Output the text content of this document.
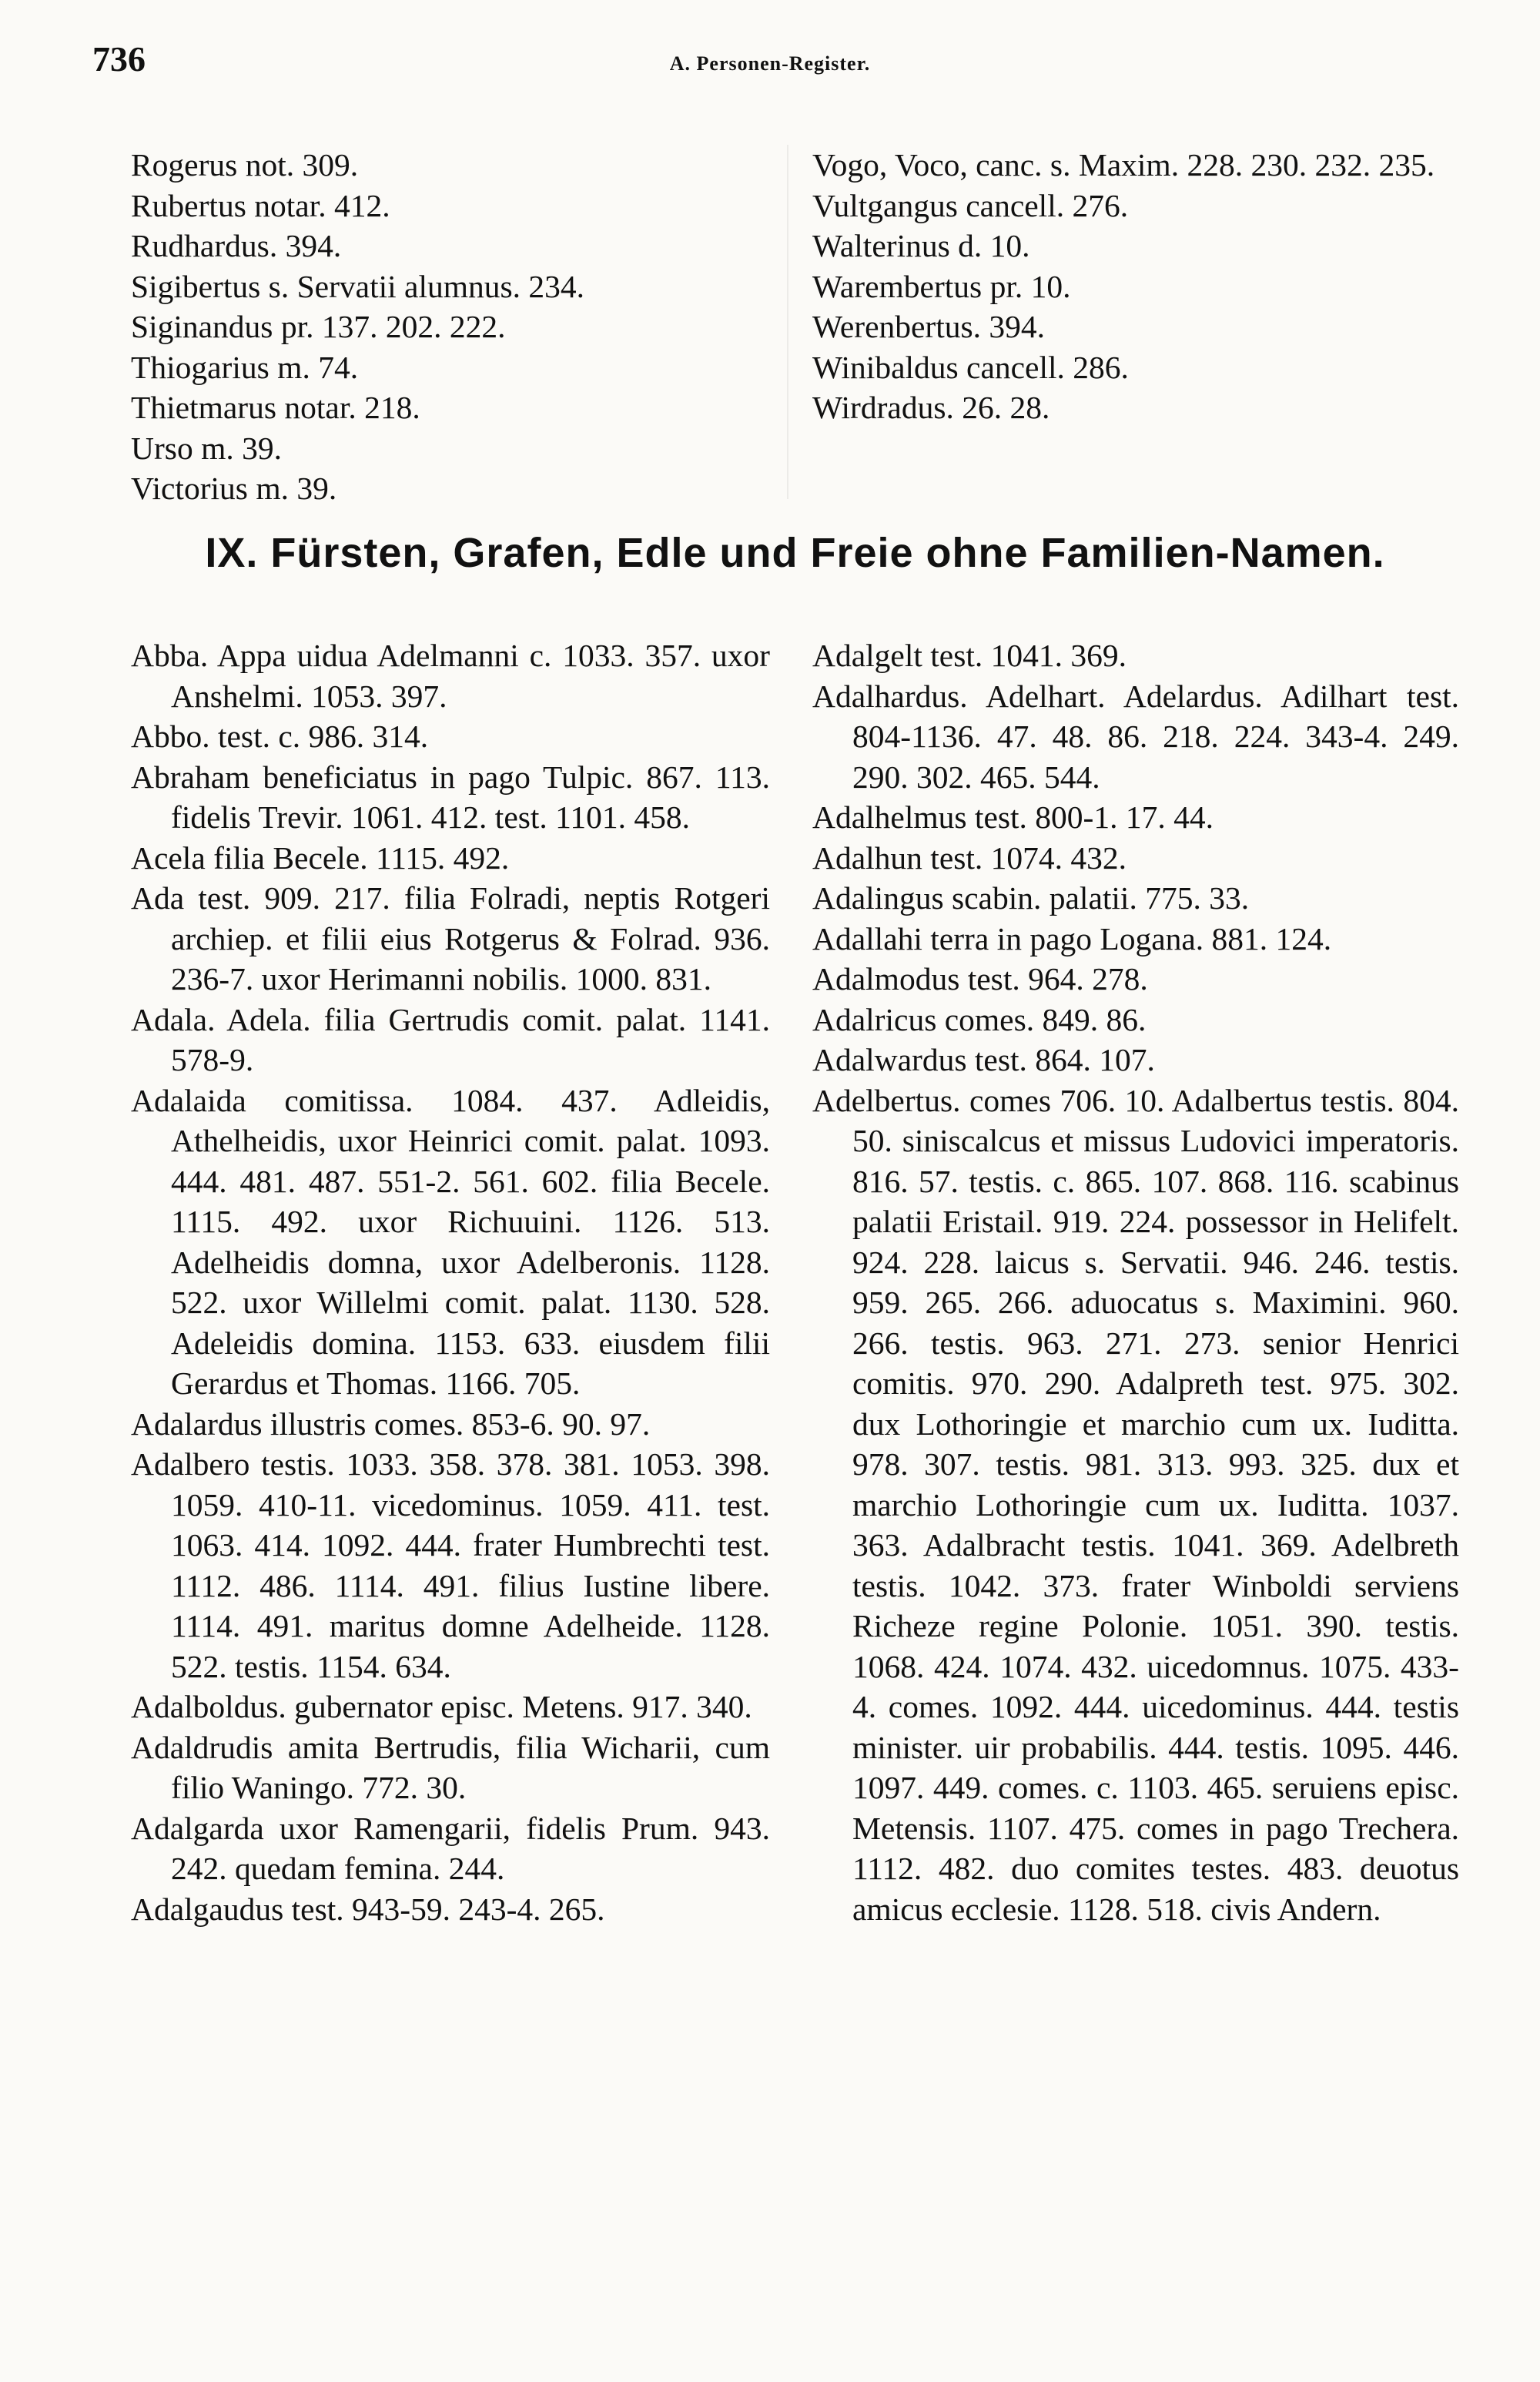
736	A. Personen-Register.

Rogerus not. 309.

Rubertus notar. 412.

Rudhardus. 394.

Sigibertus s. Servatii alumnus. 234.

Siginandus pr. 137. 202. 222.

Thiogarius m. 74.

Thietmarus notar. 218.

Urso m. 39.

Victorius m. 39.

Vogo, Voco, canc. s. Maxim. 228. 230. 232. 235.

Vultgangus cancell. 276.

Walterinus d. 10.

Warembertus pr. 10.

Werenbertus. 394.

Winibaldus cancell. 286.

Wirdradus. 26. 28.

IX. Fürsten, Grafen, Edle und Freie ohne Familien-Namen.

Abba. Appa uidua Adelmanni c. 1033. 357. uxor Anshelmi. 1053. 397.

Abbo. test. c. 986. 314.

Abraham beneficiatus in pago Tulpic. 867. 113. fidelis Trevir. 1061. 412. test. 1101. 458.

Acela filia Becele. 1115. 492.

Ada test. 909. 217. filia Folradi, neptis Rotgeri archiep. et filii eius Rotgerus & Folrad. 936. 236-7. uxor Herimanni nobilis. 1000. 831.

Adala. Adela. filia Gertrudis comit. palat. 1141. 578-9.

Adalaida comitissa. 1084. 437. Adleidis, Athelheidis, uxor Heinrici comit. palat. 1093. 444. 481. 487. 551-2. 561. 602. filia Becele. 1115. 492. uxor Richuuini. 1126. 513. Adelheidis domna, uxor Adelberonis. 1128. 522. uxor Willelmi comit. palat. 1130. 528. Adeleidis domina. 1153. 633. eiusdem filii Gerardus et Thomas. 1166. 705.

Adalardus illustris comes. 853-6. 90. 97.

Adalbero testis. 1033. 358. 378. 381. 1053. 398. 1059. 410-11. vicedominus. 1059. 411. test. 1063. 414. 1092. 444. frater Humbrechti test. 1112. 486. 1114. 491. filius Iustine libere. 1114. 491. maritus domne Adelheide. 1128. 522. testis. 1154. 634.

Adalboldus. gubernator episc. Metens. 917. 340.

Adaldrudis amita Bertrudis, filia Wicharii, cum filio Waningo. 772. 30.

Adalgarda uxor Ramengarii, fidelis Prum. 943. 242. quedam femina. 244.

Adalgaudus test. 943-59. 243-4. 265.

Adalgelt test. 1041. 369.

Adalhardus. Adelhart. Adelardus. Adilhart test. 804-1136. 47. 48. 86. 218. 224. 343-4. 249. 290. 302. 465. 544.

Adalhelmus test. 800-1. 17. 44.

Adalhun test. 1074. 432.

Adalingus scabin. palatii. 775. 33.

Adallahi terra in pago Logana. 881. 124.

Adalmodus test. 964. 278.

Adalricus comes. 849. 86.

Adalwardus test. 864. 107.

Adelbertus. comes 706. 10. Adalbertus testis. 804. 50. siniscalcus et missus Ludovici imperatoris. 816. 57. testis. c. 865. 107. 868. 116. scabinus palatii Eristail. 919. 224. possessor in Helifelt. 924. 228. laicus s. Servatii. 946. 246. testis. 959. 265. 266. aduocatus s. Maximini. 960. 266. testis. 963. 271. 273. senior Henrici comitis. 970. 290. Adalpreth test. 975. 302. dux Lothoringie et marchio cum ux. Iuditta. 978. 307. testis. 981. 313. 993. 325. dux et marchio Lothoringie cum ux. Iuditta. 1037. 363. Adalbracht testis. 1041. 369. Adelbreth testis. 1042. 373. frater Winboldi serviens Richeze regine Polonie. 1051. 390. testis. 1068. 424. 1074. 432. uicedomnus. 1075. 433-4. comes. 1092. 444. uicedominus. 444. testis minister. uir probabilis. 444. testis. 1095. 446. 1097. 449. comes. c. 1103. 465. seruiens episc. Metensis. 1107. 475. comes in pago Trechera. 1112. 482. duo comites testes. 483. deuotus amicus ecclesie. 1128. 518. civis Andern.
